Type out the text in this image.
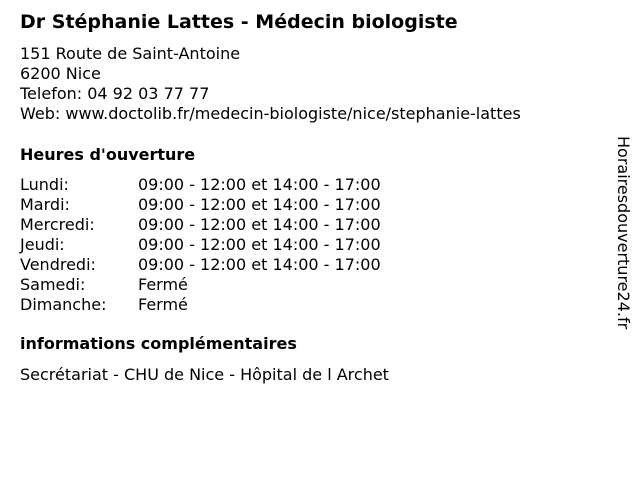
Dr Stéphanie Lattes - Médecin biologiste
151 Route de Saint-Antoine
6200 Nice
Telefon: 04 92 03 77 77
Web: www.doctolib.fr/medecin-biologiste/nice/stephanie-lattes
Heures d'ouverture
Lundi:	09:00 - 12:00 et 14:00 - 17:00
Mardi:	09:00 - 12:00 et 14:00 - 17:00
Mercredi:	09:00 - 12:00 et 14:00 - 17:00
Jeudi:	09:00 - 12:00 et 14:00 - 17:00
Vendredi:	09:00 - 12:00 et 14:00 - 17:00
Samedi:	Fermé
Dimanche: Fermé
informations complémentaires
Secrétariat - CHU de Nice - Hôpital de l Archet
Horairesdouverture24.fr
